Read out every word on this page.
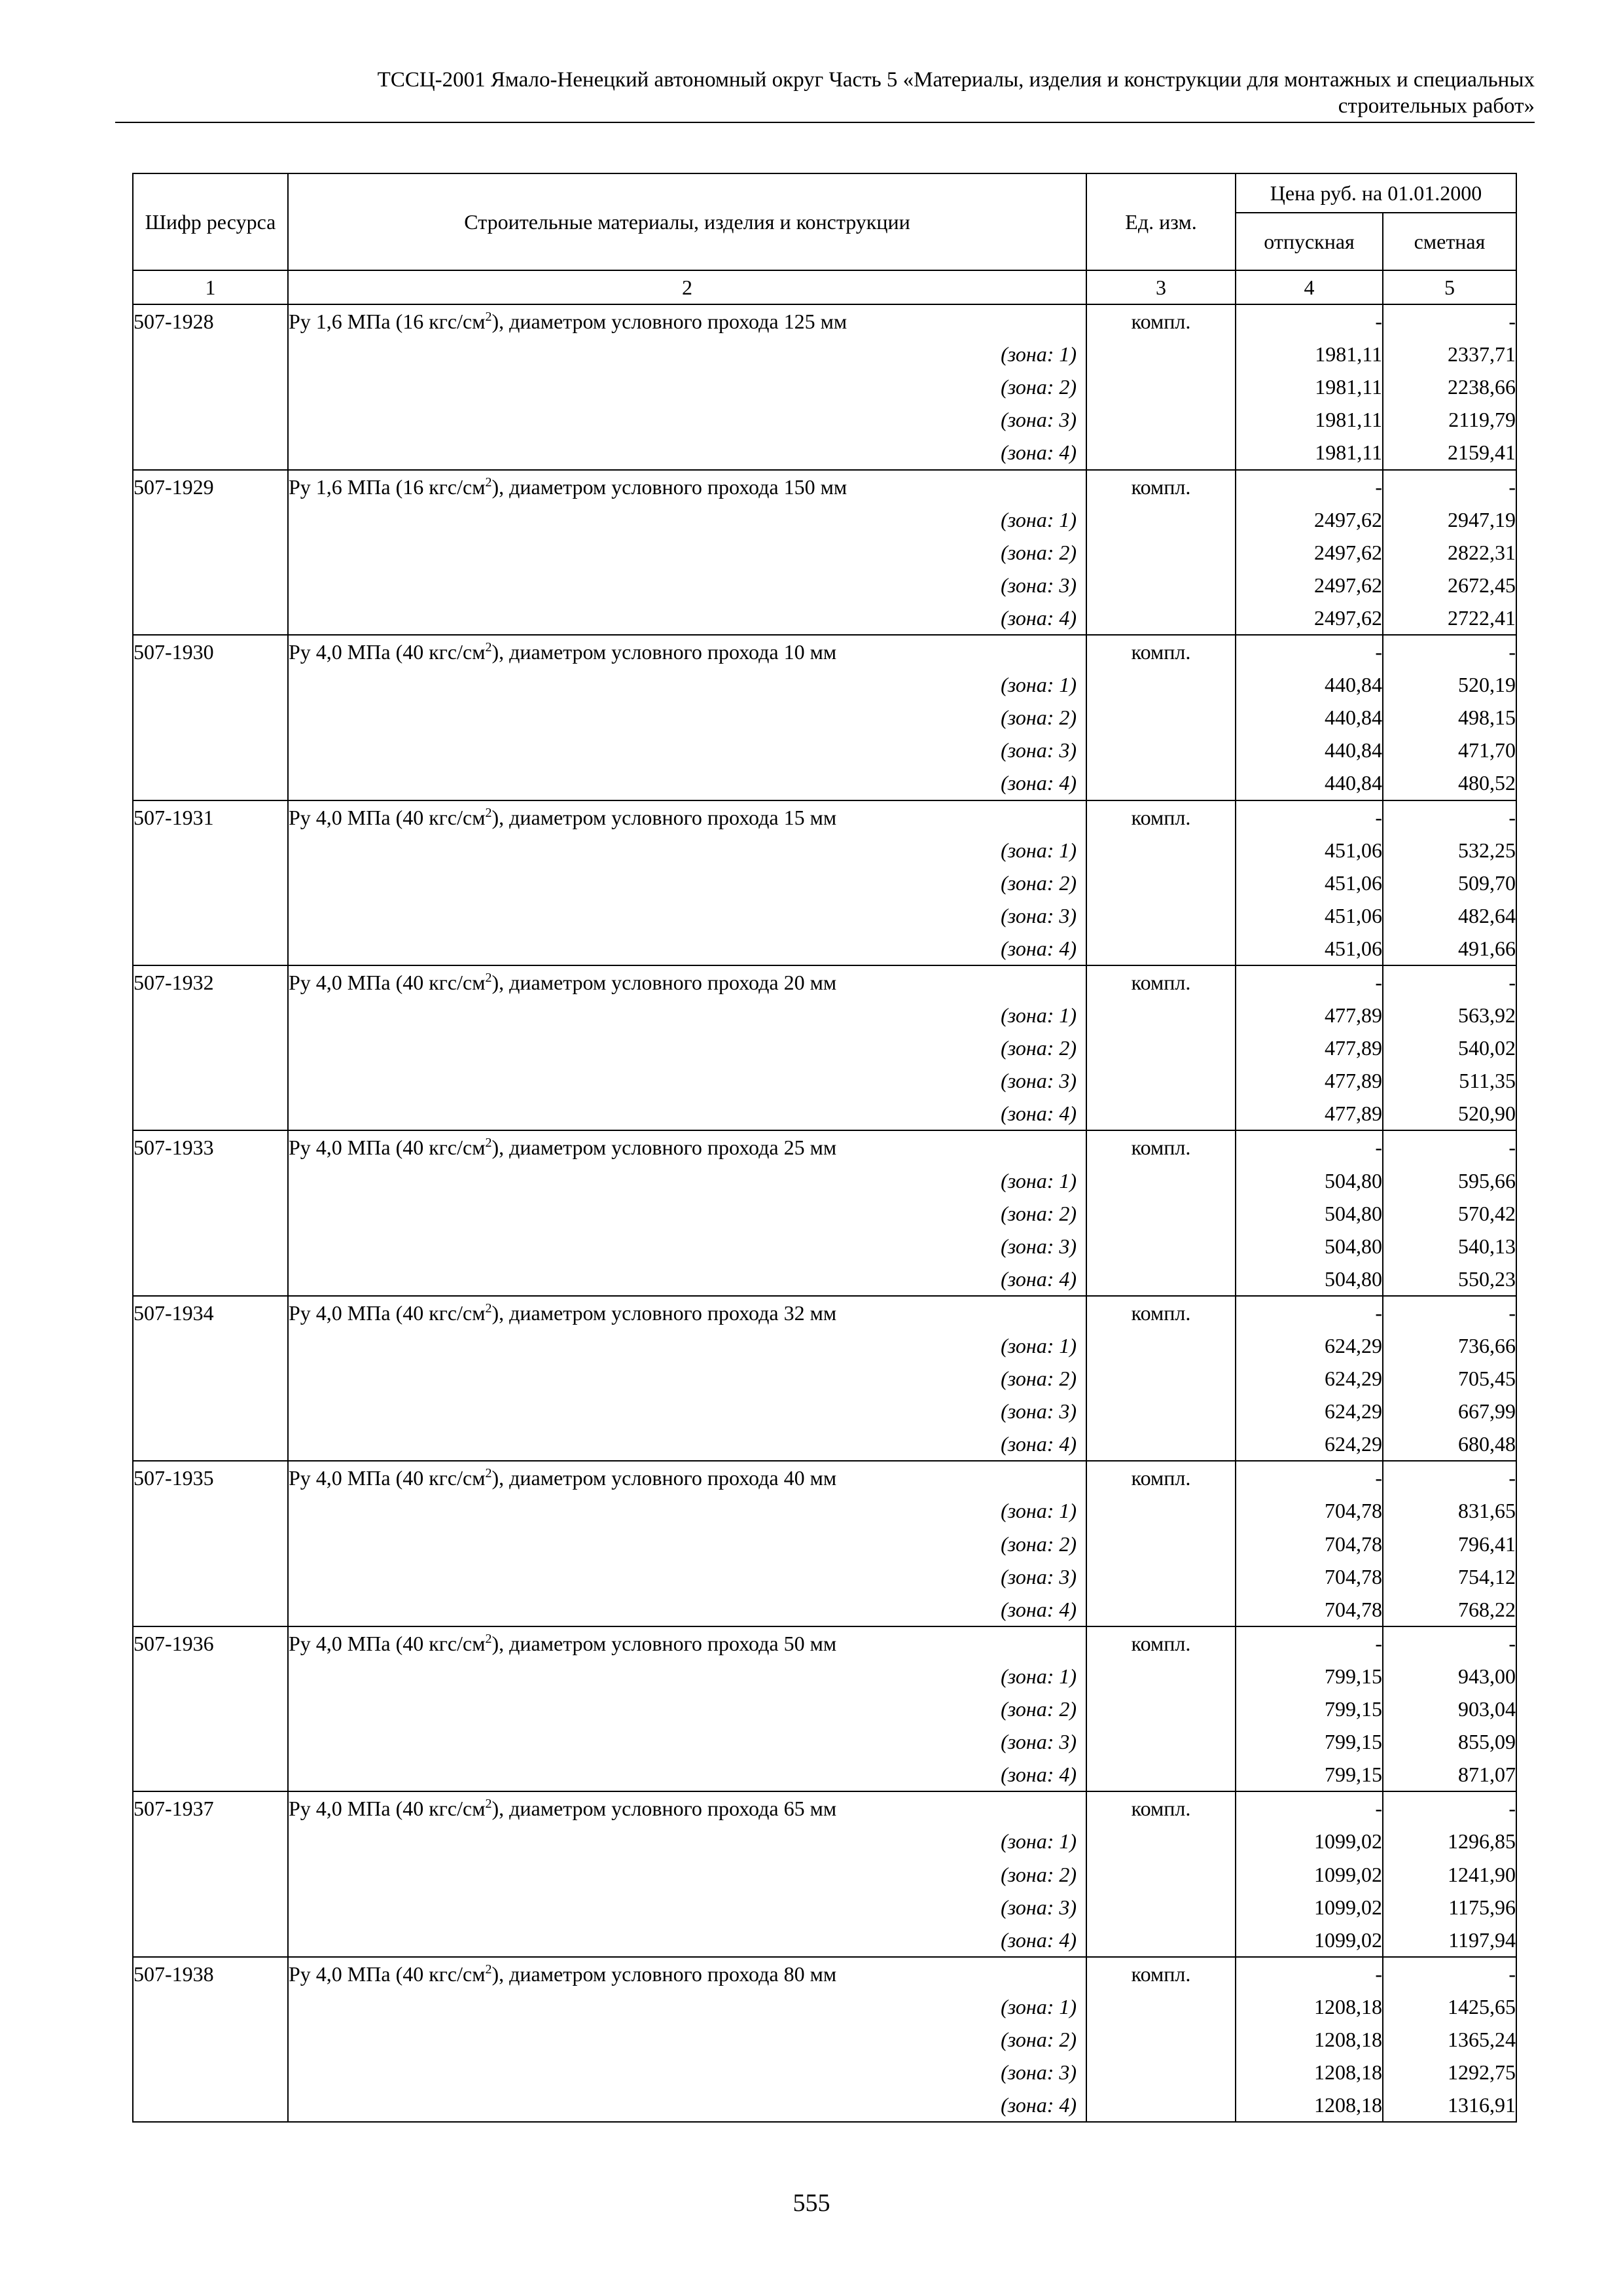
ТССЦ-2001 Ямало-Ненецкий автономный округ Часть 5 «Материалы, изделия и конструкции для монтажных и специальных
строительных работ»
Шифр ресурса	Строительные материалы, изделия и конструкции	Ед. изм.	Цена руб. на 01.01.2000	
			отпускная	сметная
1	2	3	4	5
507-1928	Ру 1,6 МПа (16 кгс/$см^2$), диаметром условного прохода 125 мм	компл.	-	-
	(зона: 1)		1981,11	2337,71
	(зона: 2)		1981,11	2238,66
	(зона: 3)		1981,11	2119,79
	(зона: 4)		1981,11	2159,41
507-1929	Ру 1,6 МПа (16 кгс/$см^2$), диаметром условного прохода 150 мм	компл.	-	-
	(зона: 1)		2497,62	2947,19
	(зона: 2)		2497,62	2822,31
	(зона: 3)		2497,62	2672,45
	(зона: 4)		2497,62	2722,41
507-1930	Ру 4,0 МПа (40 кгс/$см^2$), диаметром условного прохода 10 мм	компл.	-	-
	(зона: 1)		440,84	520,19
	(зона: 2)		440,84	498,15
	(зона: 3)		440,84	471,70
	(зона: 4)		440,84	480,52
507-1931	Ру 4,0 МПа (40 кгс/$см^2$), диаметром условного прохода 15 мм	компл.	-	-
	(зона: 1)		451,06	532,25
	(зона: 2)		451,06	509,70
	(зона: 3)		451,06	482,64
	(зона: 4)		451,06	491,66
507-1932	Ру 4,0 МПа (40 кгс/$см^2$), диаметром условного прохода 20 мм	компл.	-	-
	(зона: 1)		477,89	563,92
	(зона: 2)		477,89	540,02
	(зона: 3)		477,89	511,35
	(зона: 4)		477,89	520,90
507-1933	Ру 4,0 МПа (40 кгс/$см^2$), диаметром условного прохода 25 мм	компл.	-	-
	(зона: 1)		504,80	595,66
	(зона: 2)		504,80	570,42
	(зона: 3)		504,80	540,13
	(зона: 4)		504,80	550,23
507-1934	Ру 4,0 МПа (40 кгс/$см^2$), диаметром условного прохода 32 мм	компл.	-	-
	(зона: 1)		624,29	736,66
	(зона: 2)		624,29	705,45
	(зона: 3)		624,29	667,99
	(зона: 4)		624,29	680,48
507-1935	Ру 4,0 МПа (40 кгс/$см^2$), диаметром условного прохода 40 мм	компл.	-	-
	(зона: 1)		704,78	831,65
	(зона: 2)		704,78	796,41
	(зона: 3)		704,78	754,12
	(зона: 4)		704,78	768,22
507-1936	Ру 4,0 МПа (40 кгс/$см^2$), диаметром условного прохода 50 мм	компл.	-	-
	(зона: 1)		799,15	943,00
	(зона: 2)		799,15	903,04
	(зона: 3)		799,15	855,09
	(зона: 4)		799,15	871,07
507-1937	Ру 4,0 МПа (40 кгс/$см^2$), диаметром условного прохода 65 мм	компл.	-	-
	(зона: 1)		1099,02	1296,85
	(зона: 2)		1099,02	1241,90
	(зона: 3)		1099,02	1175,96
	(зона: 4)		1099,02	1197,94
507-1938	Ру 4,0 МПа (40 кгс/$см^2$), диаметром условного прохода 80 мм	компл.	-	-
	(зона: 1)		1208,18	1425,65
	(зона: 2)		1208,18	1365,24
	(зона: 3)		1208,18	1292,75
	(зона: 4)		1208,18	1316,91
555
